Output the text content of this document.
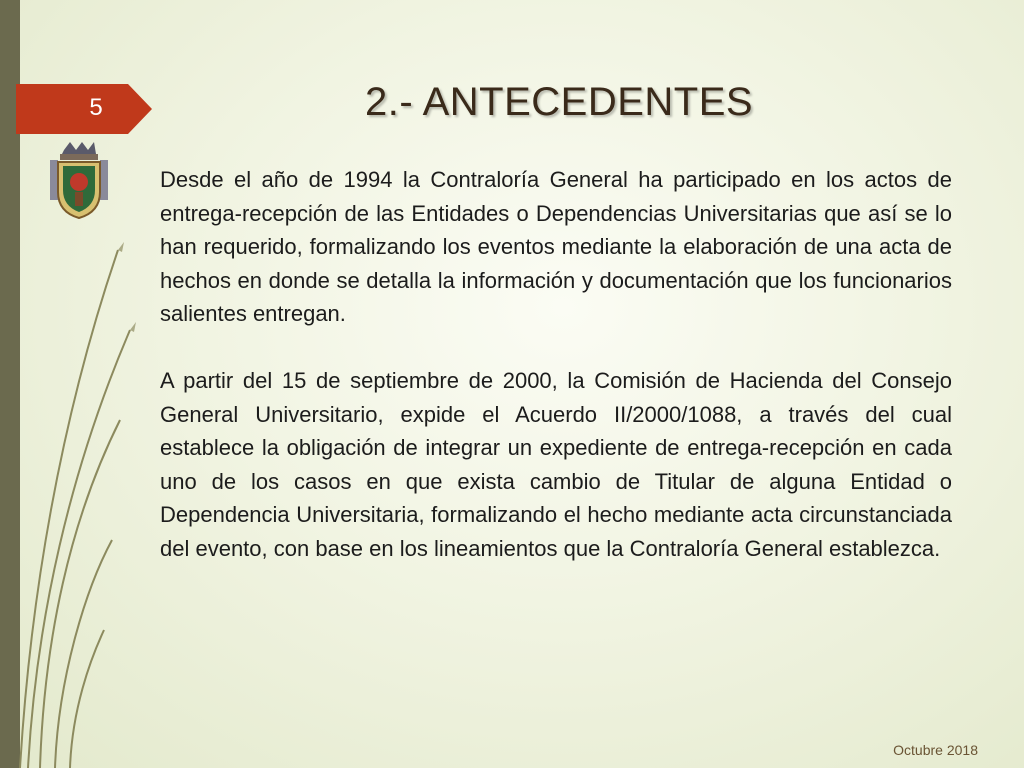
5	2.- ANTECEDENTES

Desde el año de 1994 la Contraloría General ha participado en los actos de entrega-recepción de las Entidades o Dependencias Universitarias que así se lo han requerido, formalizando los eventos mediante la elaboración de una acta de hechos en donde se detalla la información y documentación que los funcionarios salientes entregan.

A partir del 15 de septiembre de 2000, la Comisión de Hacienda del Consejo General Universitario, expide el Acuerdo II/2000/1088, a través del cual establece la obligación de integrar un expediente de entrega-recepción en cada uno de los casos en que exista cambio de Titular de alguna Entidad o Dependencia Universitaria, formalizando el hecho mediante acta circunstanciada del evento, con base en los lineamientos que la Contraloría General establezca.

Octubre 2018
